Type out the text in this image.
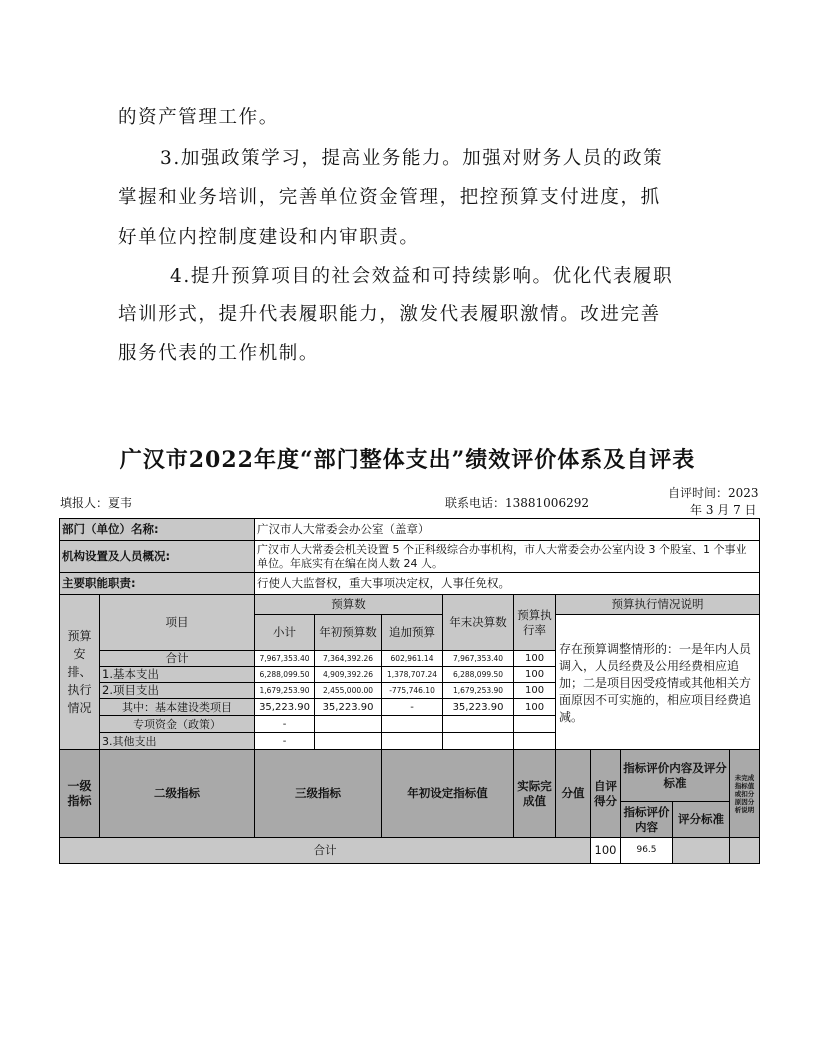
的资产管理工作。
3.加强政策学习，提高业务能力。加强对财务人员的政策
掌握和业务培训，完善单位资金管理，把控预算支付进度，抓
好单位内控制度建设和内审职责。
4.提升预算项目的社会效益和可持续影响。优化代表履职
培训形式，提升代表履职能力，激发代表履职激情。改进完善
服务代表的工作机制。
广汉市2022年度“部门整体支出”绩效评价体系及自评表
填报人：夏韦	联系电话：13881006292
自评时间：2023
年 3 月 7 日
部门（单位）名称:		广汉市人大常委会办公室（盖章）										
机构设置及人员概况:		广汉市人大常委会机关设置 5 个正科级综合办事机构，市人大常委会办公室内设 3 个股室、1 个事业单位。年底实有在编在岗人数 24 人。										
主要职能职责:		行使人大监督权，重大事项决定权，人事任免权。										
预算安排、执行情况	项目	预算数			年末决算数	预算执行率	预算执行情况说明					
		小计	年初预算数	追加预算			存在预算调整情形的：一是年内人员调入，人员经费及公用经费相应追加；二是项目因受疫情或其他相关方面原因不可实施的，相应项目经费追减。					
	合计	7,967,353.40	7,364,392.26	602,961.14	7,967,353.40	100						
	1.基本支出	6,288,099.50	4,909,392.26	1,378,707.24	6,288,099.50	100						
	2.项目支出	1,679,253.90	2,455,000.00	-775,746.10	1,679,253.90	100						
	其中：基本建设类项目	35,223.90	35,223.90	-	35,223.90	100						
	专项资金（政策）	-										
	3.其他支出	-										
一级指标	二级指标	三级指标		年初设定指标值		实际完成值	分值	自评得分	指标评价内容及评分标准		未完成指标值或扣分原因分析说明	
									指标评价内容	评分标准		
合计								100	96.5			
